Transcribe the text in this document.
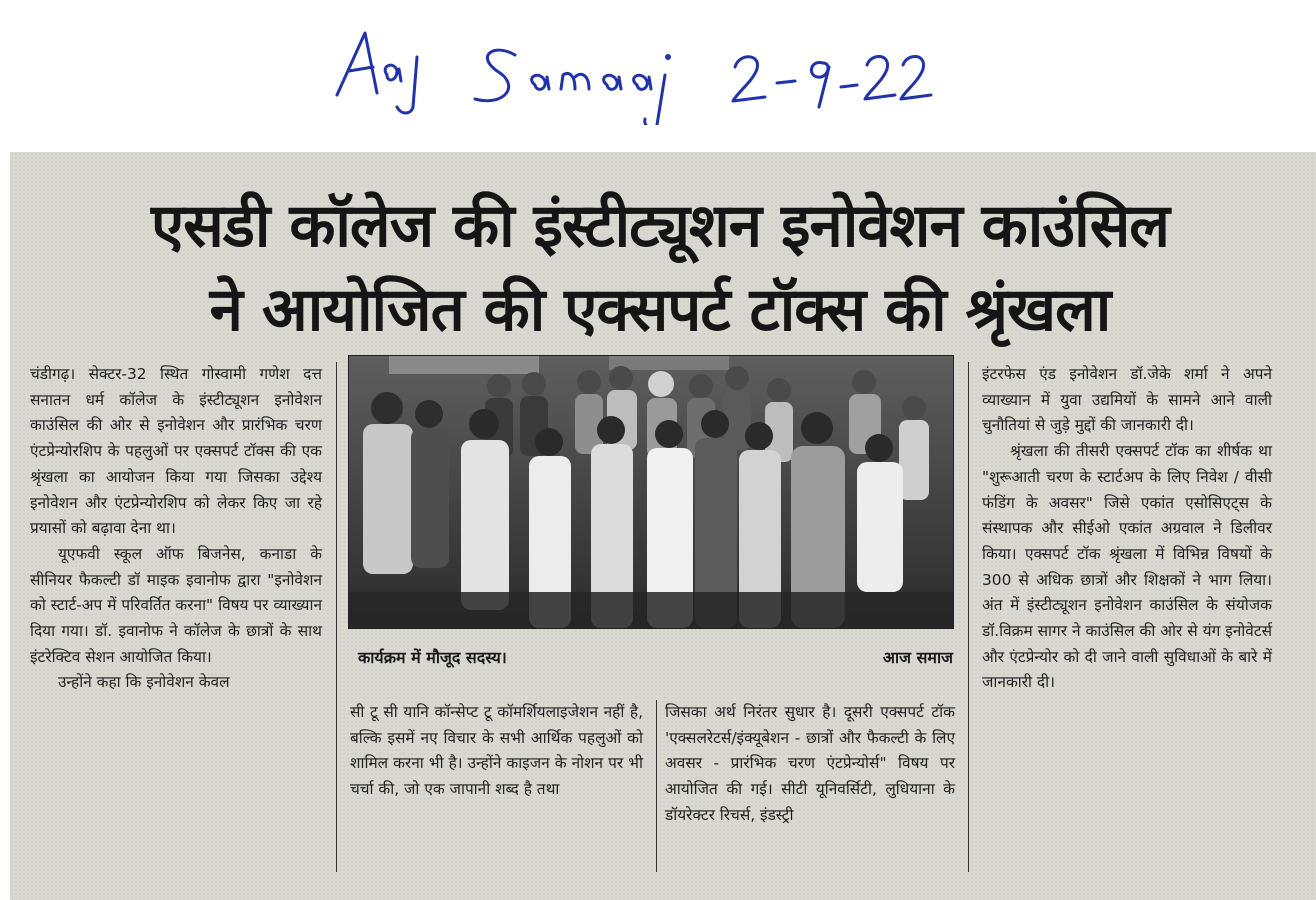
एसडी कॉलेज की इंस्टीट्यूशन इनोवेशन काउंसिल
ने आयोजित की एक्सपर्ट टॉक्स की श्रृंखला

चंडीगढ़। सेक्टर-32 स्थित गोस्वामी गणेश दत्त सनातन धर्म कॉलेज के इंस्टीट्यूशन इनोवेशन काउंसिल की ओर से इनोवेशन और प्रारंभिक चरण एंटप्रेन्योरशिप के पहलुओं पर एक्सपर्ट टॉक्स की एक श्रृंखला का आयोजन किया गया जिसका उद्देश्य इनोवेशन और एंटप्रेन्योरशिप को लेकर किए जा रहे प्रयासों को बढ़ावा देना था।

यूएफवी स्कूल ऑफ बिजनेस, कनाडा के सीनियर फैकल्टी डॉ माइक इवानोफ द्वारा "इनोवेशन को स्टार्ट-अप में परिवर्तित करना" विषय पर व्याख्यान दिया गया। डॉ. इवानोफ ने कॉलेज के छात्रों के साथ इंटरेक्टिव सेशन आयोजित किया।

उन्होंने कहा कि इनोवेशन केवल

कार्यक्रम में मौजूद सदस्य।	आज समाज

सी टू सी यानि कॉन्सेप्ट टू कॉमर्शियलाइजेशन नहीं है, बल्कि इसमें नए विचार के सभी आर्थिक पहलुओं को शामिल करना भी है। उन्होंने काइजन के नोशन पर भी चर्चा की, जो एक जापानी शब्द है तथा

जिसका अर्थ निरंतर सुधार है। दूसरी एक्सपर्ट टॉक 'एक्सलरेटर्स/इंक्यूबेशन - छात्रों और फैकल्टी के लिए अवसर - प्रारंभिक चरण एंटप्रेन्योर्स" विषय पर आयोजित की गई। सीटी यूनिवर्सिटी, लुधियाना के डॉयरेक्टर रिचर्स, इंडस्ट्री

इंटरफेस एंड इनोवेशन डॉ.जेके शर्मा ने अपने व्याख्यान में युवा उद्यमियों के सामने आने वाली चुनौतियां से जुड़े मुद्दों की जानकारी दी।

श्रृंखला की तीसरी एक्सपर्ट टॉक का शीर्षक था "शुरूआती चरण के स्टार्टअप के लिए निवेश / वीसी फंडिंग के अवसर" जिसे एकांत एसोसिएट्स के संस्थापक और सीईओ एकांत अग्रवाल ने डिलीवर किया। एक्सपर्ट टॉक श्रृंखला में विभिन्न विषयों के 300 से अधिक छात्रों और शिक्षकों ने भाग लिया। अंत में इंस्टीट्यूशन इनोवेशन काउंसिल के संयोजक डॉ.विक्रम सागर ने काउंसिल की ओर से यंग इनोवेटर्स और एंटप्रेन्योर को दी जाने वाली सुविधाओं के बारे में जानकारी दी।
